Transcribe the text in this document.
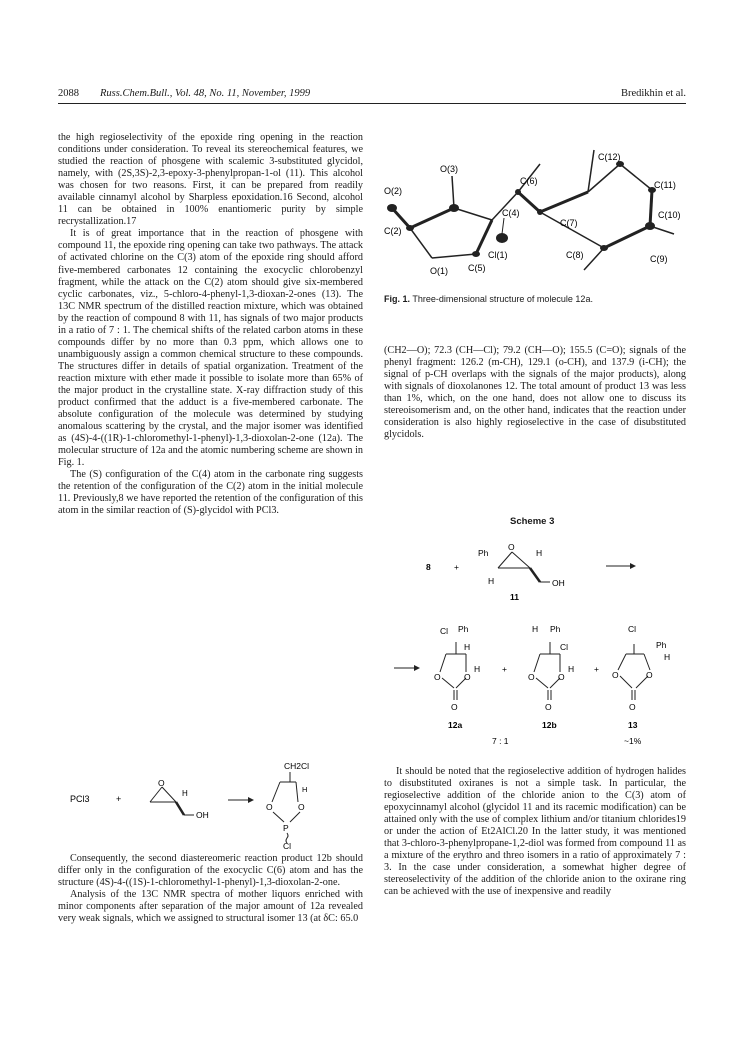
2088 Russ.Chem.Bull., Vol. 48, No. 11, November, 1999	Bredikhin et al.

the high regioselectivity of the epoxide ring opening in the reaction conditions under consideration. To reveal its stereochemical features, we studied the reaction of phosgene with scalemic 3-substituted glycidol, namely, with (2S,3S)-2,3-epoxy-3-phenylpropan-1-ol (11). This alcohol was chosen for two reasons. First, it can be prepared from readily available cinnamyl alcohol by Sharpless epoxidation.16 Second, alcohol 11 can be obtained in 100% enantiomeric purity by simple recrystallization.17

It is of great importance that in the reaction of phosgene with compound 11, the epoxide ring opening can take two pathways. The attack of activated chlorine on the C(3) atom of the epoxide ring should afford five-membered carbonates 12 containing the exocyclic chlorobenzyl fragment, while the attack on the C(2) atom should give six-membered cyclic carbonates, viz., 5-chloro-4-phenyl-1,3-dioxan-2-ones (13). The 13C NMR spectrum of the distilled reaction mixture, which was obtained by the reaction of compound 8 with 11, has signals of two major products in a ratio of 7 : 1. The chemical shifts of the related carbon atoms in these compounds differ by no more than 0.3 ppm, which allows one to unambiguously assign a common chemical structure to these compounds. The structures differ in details of spatial organization. Treatment of the reaction mixture with ether made it possible to isolate more than 65% of the major product in the crystalline state. X-ray diffraction study of this product confirmed that the adduct is a five-membered carbonate. The absolute configuration of the molecule was determined by studying anomalous scattering by the crystal, and the major isomer was identified as (4S)-4-((1R)-1-chloromethyl-1-phenyl)-1,3-dioxolan-2-one (12a). The molecular structure of 12a and the atomic numbering scheme are shown in Fig. 1.

The (S) configuration of the C(4) atom in the carbonate ring suggests the retention of the configuration of the C(2) atom in the initial molecule 11. Previously,8 we have reported the retention of the configuration of this atom in the similar reaction of (S)-glycidol with PCl3.

PCl3	+
O
H
OH
CH2Cl
H
O	O
P
Cl

Consequently, the second diastereomeric reaction product 12b should differ only in the configuration of the exocyclic C(6) atom and has the structure (4S)-4-((1S)-1-chloromethyl-1-phenyl)-1,3-dioxolan-2-one.

Analysis of the 13C NMR spectra of mother liquors enriched with minor components after separation of the major amount of 12a revealed very weak signals, which we assigned to structural isomer 13 (at δC: 65.0

O(3)
C(6)
C(12)
C(11)
O(2)
C(4)
C(7)
C(10)
C(2)
Cl(1)	C(8)	C(9)
O(1) C(5)
Fig. 1. Three-dimensional structure of molecule 12a.

(CH2—O); 72.3 (CH—Cl); 79.2 (CH—O); 155.5 (C=O); signals of the phenyl fragment: 126.2 (m-CH), 129.1 (o-CH), and 137.9 (i-CH); the signal of p-CH overlaps with the signals of the major products), along with signals of dioxolanones 12. The total amount of product 13 was less than 1%, which, on the one hand, does not allow one to discuss its stereoisomerism and, on the other hand, indicates that the reaction under consideration is also highly regioselective in the case of disubstituted glycidols.

Scheme 3
8	+
Ph
O
H
H	OH
11
Cl Ph
H
H
O	O
O
+
H Ph
Cl
H
O	O
O
+
Cl
Ph
H
O	O
O
12a	12b	13
7 : 1	~1%

It should be noted that the regioselective addition of hydrogen halides to disubstituted oxiranes is not a simple task. In particular, the regioselective addition of the chloride anion to the C(3) atom of epoxycinnamyl alcohol (glycidol 11 and its racemic modification) can be attained only with the use of complex lithium and/or titanium chlorides19 or under the action of Et2AlCl.20 In the latter study, it was mentioned that 3-chloro-3-phenylpropane-1,2-diol was formed from compound 11 as a mixture of the erythro and threo isomers in a ratio of approximately 7 : 3. In the case under consideration, a somewhat higher degree of stereoselectivity of the addition of the chloride anion to the oxirane ring can be achieved with the use of inexpensive and readily
